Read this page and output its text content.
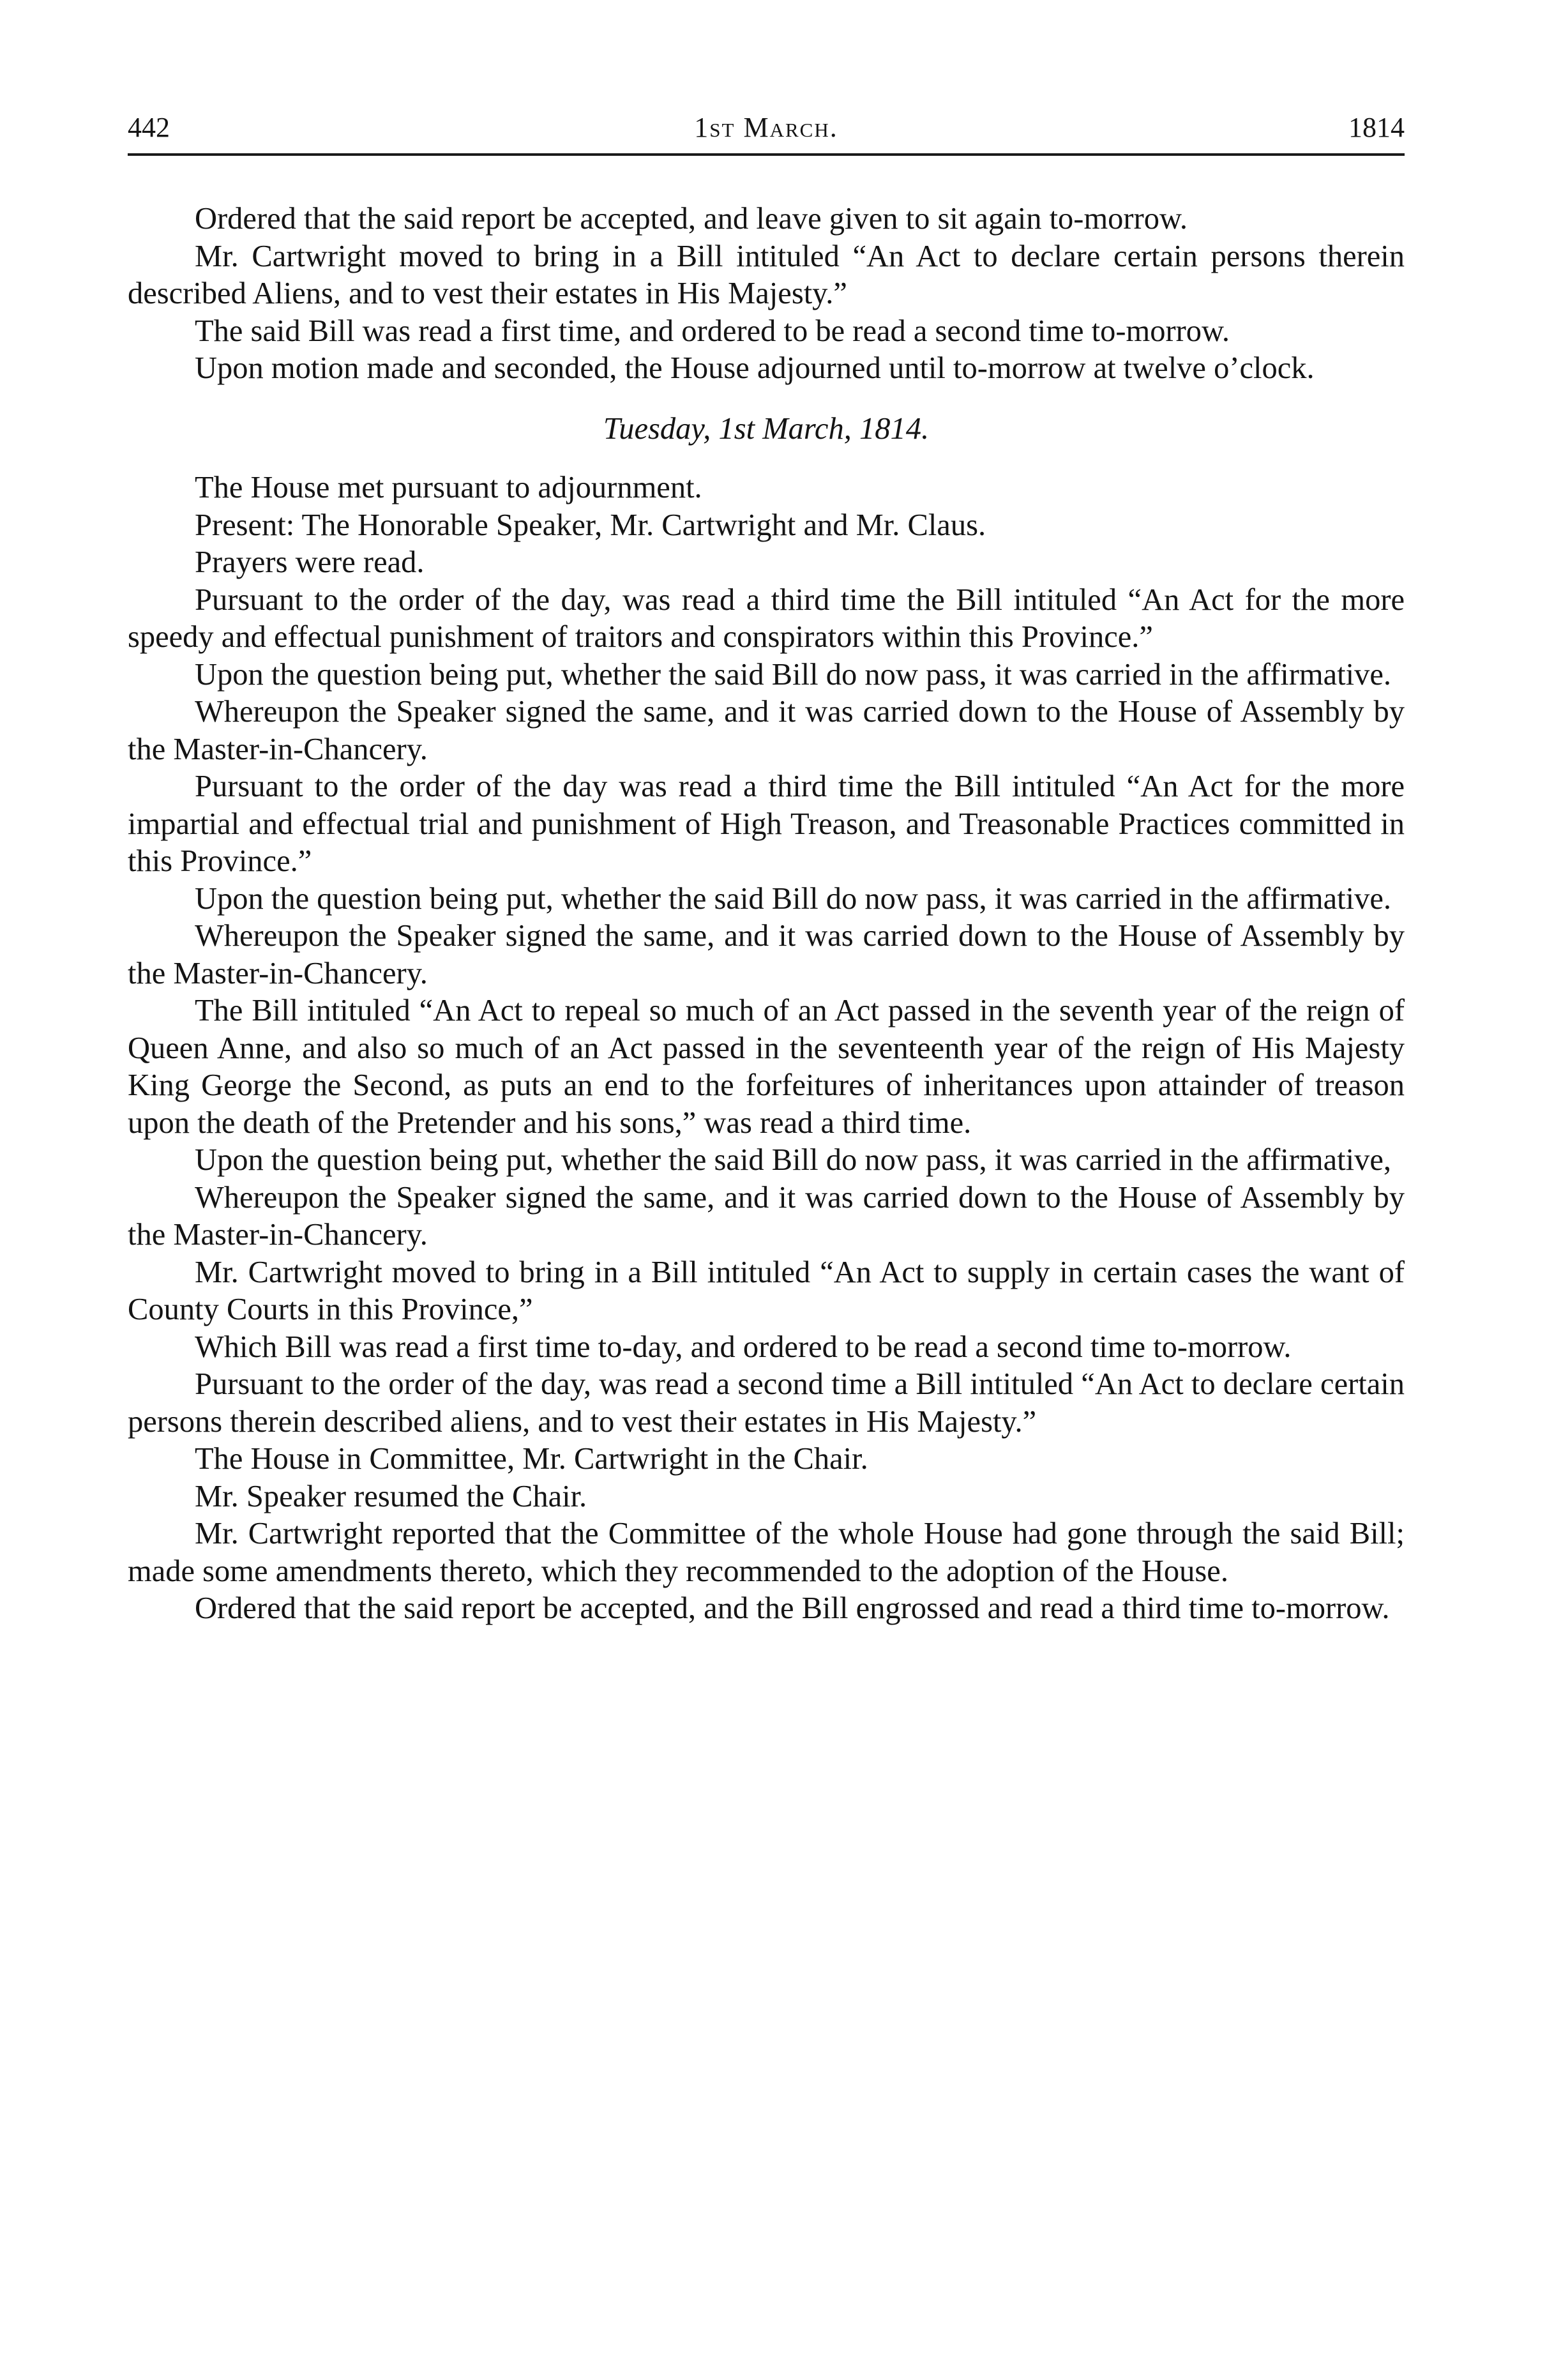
442	1st March.	1814

Ordered that the said report be accepted, and leave given to sit again to-morrow.

Mr. Cartwright moved to bring in a Bill intituled “An Act to declare certain persons therein described Aliens, and to vest their estates in His Majesty.”

The said Bill was read a first time, and ordered to be read a second time to-morrow.

Upon motion made and seconded, the House adjourned until to-morrow at twelve o’clock.

Tuesday, 1st March, 1814.

The House met pursuant to adjournment.

Present: The Honorable Speaker, Mr. Cartwright and Mr. Claus.

Prayers were read.

Pursuant to the order of the day, was read a third time the Bill intituled “An Act for the more speedy and effectual punishment of traitors and conspirators within this Province.”

Upon the question being put, whether the said Bill do now pass, it was carried in the affirmative.

Whereupon the Speaker signed the same, and it was carried down to the House of Assembly by the Master-in-Chancery.

Pursuant to the order of the day was read a third time the Bill intituled “An Act for the more impartial and effectual trial and punishment of High Treason, and Treasonable Practices committed in this Province.”

Upon the question being put, whether the said Bill do now pass, it was carried in the affirmative.

Whereupon the Speaker signed the same, and it was carried down to the House of Assembly by the Master-in-Chancery.

The Bill intituled “An Act to repeal so much of an Act passed in the seventh year of the reign of Queen Anne, and also so much of an Act passed in the seventeenth year of the reign of His Majesty King George the Second, as puts an end to the forfeitures of inheritances upon attainder of treason upon the death of the Pretender and his sons,” was read a third time.

Upon the question being put, whether the said Bill do now pass, it was carried in the affirmative,

Whereupon the Speaker signed the same, and it was carried down to the House of Assembly by the Master-in-Chancery.

Mr. Cartwright moved to bring in a Bill intituled “An Act to supply in certain cases the want of County Courts in this Province,”

Which Bill was read a first time to-day, and ordered to be read a second time to-morrow.

Pursuant to the order of the day, was read a second time a Bill intituled “An Act to declare certain persons therein described aliens, and to vest their estates in His Majesty.”

The House in Committee, Mr. Cartwright in the Chair.

Mr. Speaker resumed the Chair.

Mr. Cartwright reported that the Committee of the whole House had gone through the said Bill; made some amendments thereto, which they recommended to the adoption of the House.

Ordered that the said report be accepted, and the Bill engrossed and read a third time to-morrow.
